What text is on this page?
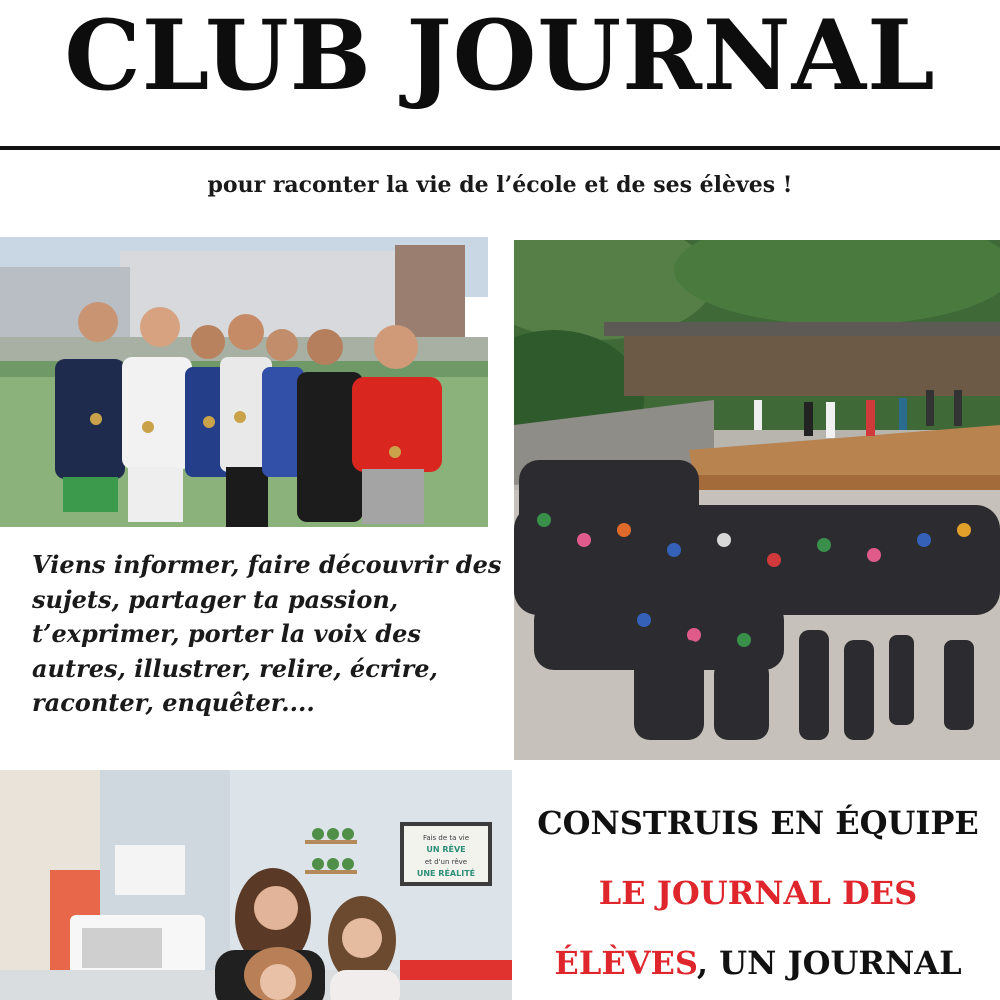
CLUB JOURNAL
pour raconter la vie de l’école et de ses élèves !
Viens informer, faire découvrir des sujets, partager ta passion, t’exprimer, porter la voix des autres, illustrer, relire, écrire, raconter, enquêter....
Fais de ta vie
UN RÊVE
et d'un rêve
UNE RÉALITÉ
CONSTRUIS EN ÉQUIPE
LE JOURNAL DES
ÉLÈVES, UN JOURNAL
